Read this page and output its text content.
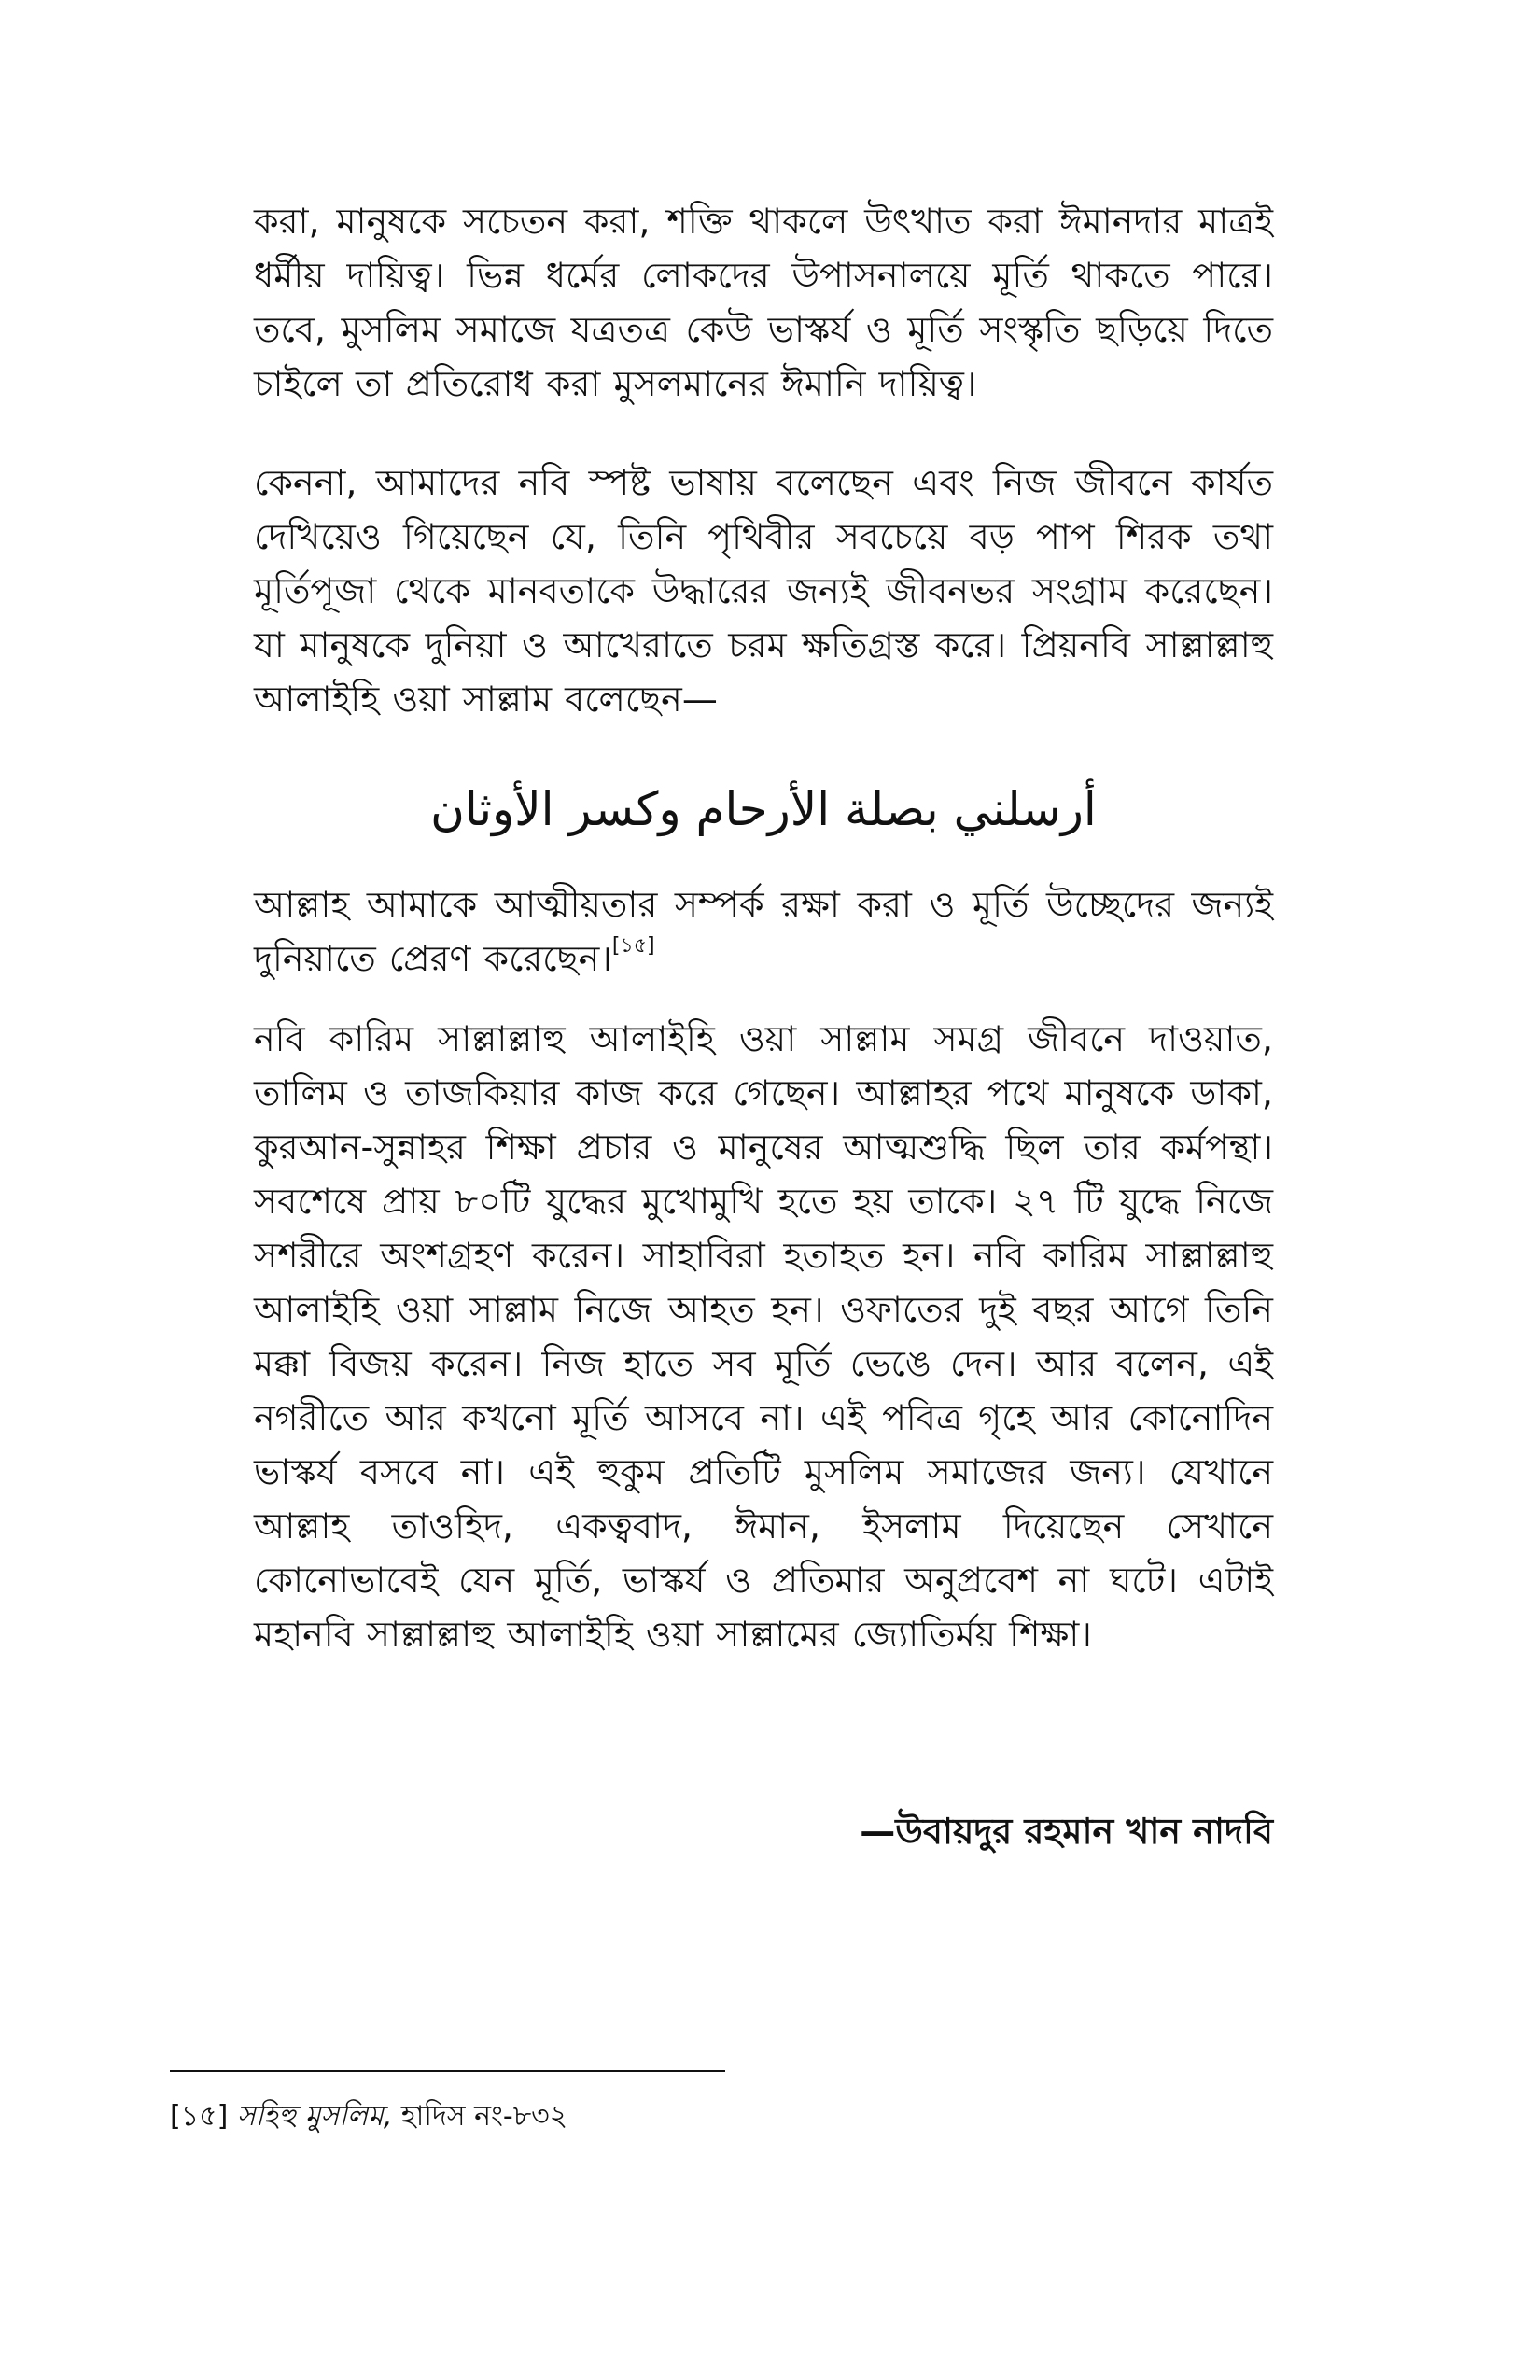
করা, মানুষকে সচেতন করা, শক্তি থাকলে উৎখাত করা ঈমানদার মাত্রই ধর্মীয় দায়িত্ব। ভিন্ন ধর্মের লোকদের উপাসনালয়ে মূর্তি থাকতে পারে। তবে, মুসলিম সমাজে যত্রতত্র কেউ ভাস্কর্য ও মূর্তি সংস্কৃতি ছড়িয়ে দিতে চাইলে তা প্রতিরোধ করা মুসলমানের ঈমানি দায়িত্ব।

কেননা, আমাদের নবি স্পষ্ট ভাষায় বলেছেন এবং নিজ জীবনে কার্যত দেখিয়েও গিয়েছেন যে, তিনি পৃথিবীর সবচেয়ে বড় পাপ শিরক তথা মূর্তিপূজা থেকে মানবতাকে উদ্ধারের জন্যই জীবনভর সংগ্রাম করেছেন। যা মানুষকে দুনিয়া ও আখেরাতে চরম ক্ষতিগ্রস্ত করে। প্রিয়নবি সাল্লাল্লাহু আলাইহি ওয়া সাল্লাম বলেছেন—

أرسلني بصلة الأرحام وكسر الأوثان

আল্লাহ আমাকে আত্মীয়তার সম্পর্ক রক্ষা করা ও মূর্তি উচ্ছেদের জন্যই দুনিয়াতে প্রেরণ করেছেন।[১৫]

নবি কারিম সাল্লাল্লাহু আলাইহি ওয়া সাল্লাম সমগ্র জীবনে দাওয়াত, তালিম ও তাজকিয়ার কাজ করে গেছেন। আল্লাহর পথে মানুষকে ডাকা, কুরআন-সুন্নাহর শিক্ষা প্রচার ও মানুষের আত্মশুদ্ধি ছিল তার কর্মপন্থা। সবশেষে প্রায় ৮০টি যুদ্ধের মুখোমুখি হতে হয় তাকে। ২৭ টি যুদ্ধে নিজে সশরীরে অংশগ্রহণ করেন। সাহাবিরা হতাহত হন। নবি কারিম সাল্লাল্লাহু আলাইহি ওয়া সাল্লাম নিজে আহত হন। ওফাতের দুই বছর আগে তিনি মক্কা বিজয় করেন। নিজ হাতে সব মূর্তি ভেঙে দেন। আর বলেন, এই নগরীতে আর কখনো মূর্তি আসবে না। এই পবিত্র গৃহে আর কোনোদিন ভাস্কর্য বসবে না। এই হুকুম প্রতিটি মুসলিম সমাজের জন্য। যেখানে আল্লাহ তাওহিদ, একত্ববাদ, ঈমান, ইসলাম দিয়েছেন সেখানে কোনোভাবেই যেন মূর্তি, ভাস্কর্য ও প্রতিমার অনুপ্রবেশ না ঘটে। এটাই মহানবি সাল্লাল্লাহু আলাইহি ওয়া সাল্লামের জ্যোতির্ময় শিক্ষা।

—উবায়দুর রহমান খান নাদবি

[১৫] সহিহু মুসলিম, হাদিস নং-৮৩২
